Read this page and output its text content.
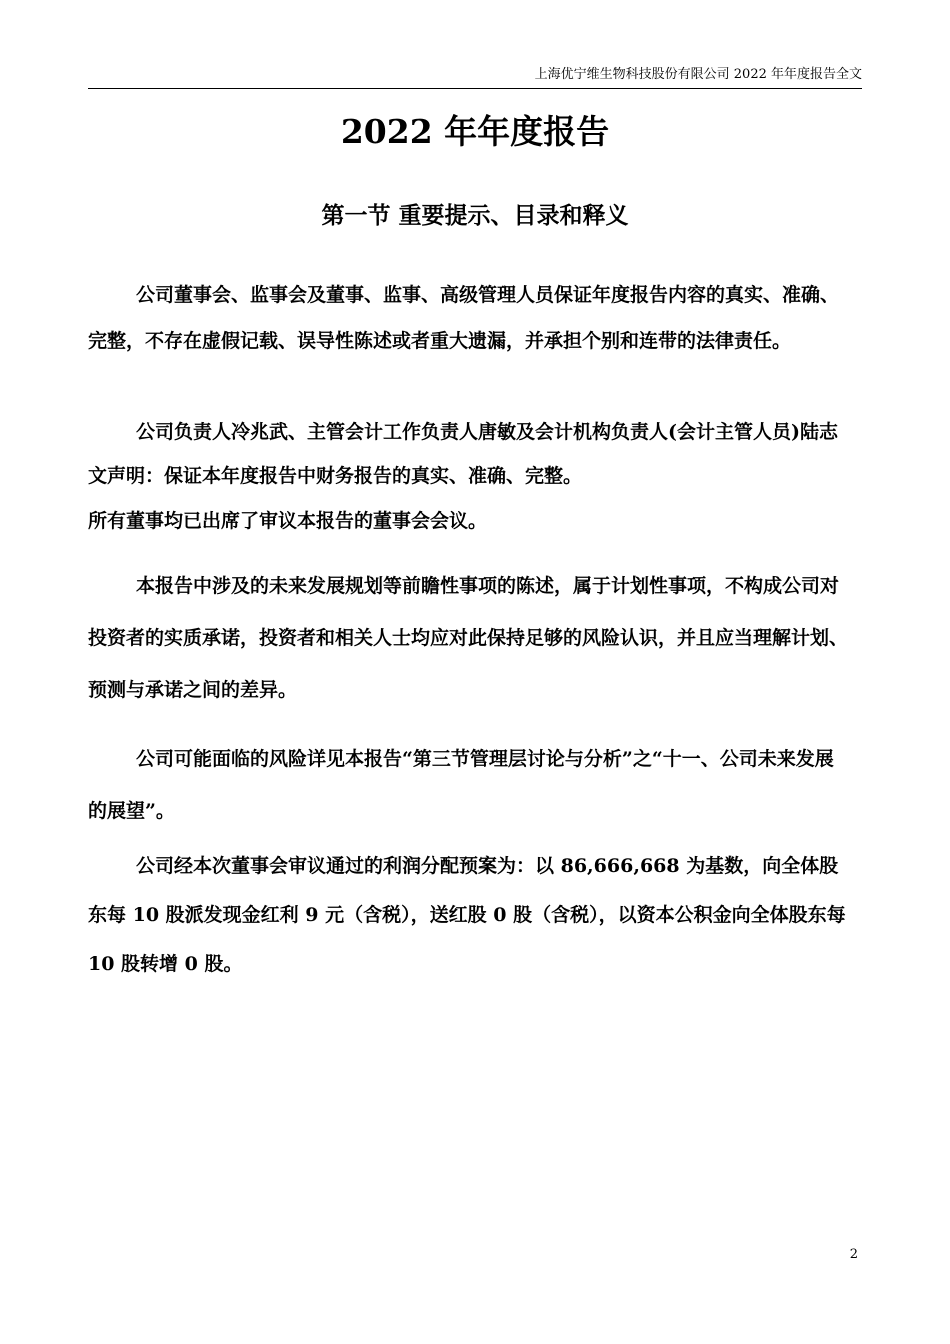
上海优宁维生物科技股份有限公司 2022 年年度报告全文
2022 年年度报告
第一节 重要提示、目录和释义

公司董事会、监事会及董事、监事、高级管理人员保证年度报告内容的真实、准确、完整，不存在虚假记载、误导性陈述或者重大遗漏，并承担个别和连带的法律责任。

公司负责人冷兆武、主管会计工作负责人唐敏及会计机构负责人(会计主管人员)陆志文声明：保证本年度报告中财务报告的真实、准确、完整。

所有董事均已出席了审议本报告的董事会会议。

本报告中涉及的未来发展规划等前瞻性事项的陈述，属于计划性事项，不构成公司对投资者的实质承诺，投资者和相关人士均应对此保持足够的风险认识，并且应当理解计划、预测与承诺之间的差异。

公司可能面临的风险详见本报告“第三节管理层讨论与分析”之“十一、公司未来发展的展望”。

公司经本次董事会审议通过的利润分配预案为：以 86,666,668 为基数，向全体股东每 10 股派发现金红利 9 元（含税），送红股 0 股（含税），以资本公积金向全体股东每 10 股转增 0 股。

2
